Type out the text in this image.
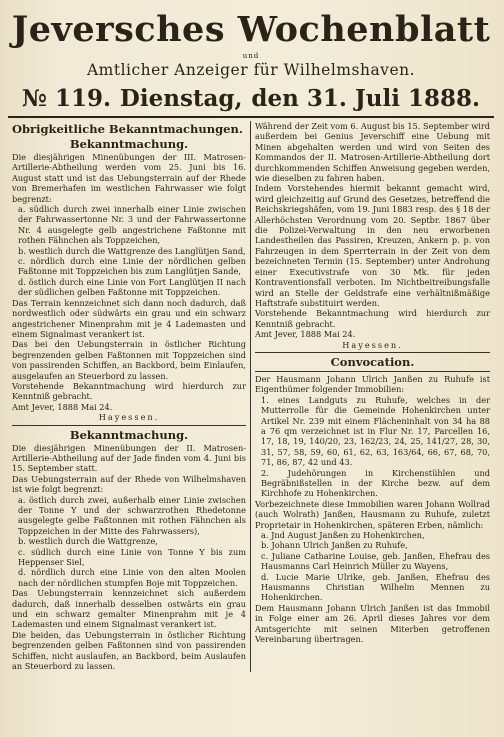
Jeversches Wochenblatt
und
Amtlicher Anzeiger für Wilhelmshaven.
№ 119. Dienstag, den 31. Juli 1888.
Obrigkeitliche Bekanntmachungen.
Bekanntmachung.

Die diesjährigen Minenübungen der III. Matrosen-Artillerie-Abtheilung werden vom 25. Juni bis 16. August statt und ist das Uebungsterrain auf der Rhede von Bremerhafen im westlichen Fahrwasser wie folgt begrenzt:

a. südlich durch zwei innerhalb einer Linie zwischen der Fahrwassertonne Nr. 3 und der Fahrwassertonne Nr. 4 ausgelegte gelb angestrichene Faßtonne mit rothen Fähnchen als Toppzeichen,

b. westlich durch die Wattgrenze des Langlütjen Sand,

c. nördlich durch eine Linie der nördlichen gelben Faßtonne mit Toppzeichen bis zum Langlütjen Sande,

d. östlich durch eine Linie von Fort Langlütjen II nach der südlichen gelben Faßtonne mit Toppzeichen.

Das Terrain kennzeichnet sich dann noch dadurch, daß nordwestlich oder südwärts ein grau und ein schwarz angestrichener Minenprahm mit je 4 Lademasten und einem Signalmast verankert ist.

Das bei den Uebungsterrain in östlicher Richtung begrenzenden gelben Faßtonnen mit Toppzeichen sind von passirenden Schiffen, an Backbord, beim Einlaufen, ausgelaufen an Steuerbord zu lassen.

Vorstehende Bekanntmachung wird hierdurch zur Kenntniß gebracht.

Amt Jever, 1888 Mai 24.

Hayessen.
Bekanntmachung.

Die diesjährigen Minenübungen der II. Matrosen-Artillerie-Abtheilung auf der Jade finden vom 4. Juni bis 15. September statt.

Das Uebungsterrain auf der Rhede von Wilhelmshaven ist wie folgt begrenzt:

a. östlich durch zwei, außerhalb einer Linie zwischen der Tonne Y und der schwarzrothen Rhedetonne ausgelegte gelbe Faßtonnen mit rothen Fähnchen als Toppzeichen in der Mitte des Fahrwassers),

b. westlich durch die Wattgrenze,

c. südlich durch eine Linie von Tonne Y bis zum Heppenser Siel,

d. nördlich durch eine Linie von den alten Moolen nach der nördlichen stumpfen Boje mit Toppzeichen.

Das Uebungsterrain kennzeichnet sich außerdem dadurch, daß innerhalb desselben ostwärts ein grau und ein schwarz gemalter Minenprahm mit je 4 Lademasten und einem Signalmast verankert ist.

Die beiden, das Uebungsterrain in östlicher Richtung begrenzenden gelben Faßtonnen sind von passirenden Schiffen, nicht auslaufen, an Backbord, beim Auslaufen an Steuerbord zu lassen.

Während der Zeit vom 6. August bis 15. September wird außerdem bei Genius Jeverschiff eine Uebung mit Minen abgehalten werden und wird von Seiten des Kommandos der II. Matrosen-Artillerie-Abtheilung dort durchkommenden Schiffen Anweisung gegeben werden, wie dieselben zu fahren haben.

Indem Vorstehendes hiermit bekannt gemacht wird, wird gleichzeitig auf Grund des Gesetzes, betreffend die Reichskriegshäfen, vom 19. Juni 1883 resp. des § 18 der Allerhöchsten Verordnung vom 20. Septbr. 1867 über die Polizei-Verwaltung in den neu erworbenen Landestheilen das Passiren, Kreuzen, Ankern p. p. von Fahrzeugen in dem Sperrterrain in der Zeit von dem bezeichneten Termin (15. September) unter Androhung einer Executivstrafe von 30 Mk. für jeden Kontraventionsfall verboten. Im Nichtbeitreibungsfalle wird an Stelle der Geldstrafe eine verhältnißmäßige Haftstrafe substituirt werden.

Vorstehende Bekanntmachung wird hierdurch zur Kenntniß gebracht.

Amt Jever, 1888 Mai 24.

Hayessen.
Convocation.

Der Hausmann Johann Ulrich Janßen zu Ruhufe ist Eigenthümer folgender Immobilien:

1. eines Landguts zu Ruhufe, welches in der Mutterrolle für die Gemeinde Hohenkirchen unter Artikel Nr. 239 mit einem Flächeninhalt von 34 ha 88 a 76 qm verzeichnet ist in Flur Nr. 17, Parcellen 16, 17, 18, 19, 140/20, 23, 162/23, 24, 25, 141/27, 28, 30, 31, 57, 58, 59, 60, 61, 62, 63, 163/64, 66, 67, 68, 70, 71, 86, 87, 42 und 43.

2. Judehörungen in Kirchenstühlen und Begräbnißstellen in der Kirche bezw. auf dem Kirchhofe zu Hohenkirchen.

Vorbezeichnete diese Immobilien waren Johann Wollrad (auch Wolrath) Janßen, Hausmann zu Ruhufe, zuletzt Proprietair in Hohenkirchen, späteren Erben, nämlich:

a. Jnd August Janßen zu Hohenkirchen,

b. Johann Ulrich Janßen zu Ruhufe,

c. Juliane Catharine Louise, geb. Janßen, Ehefrau des Hausmanns Carl Heinrich Müller zu Wayens,

d. Lucie Marie Ulrike, geb. Janßen, Ehefrau des Hausmanns Christian Wilhelm Mennen zu Hohenkirchen.

Dem Hausmann Johann Ulrich Janßen ist das Immobil in Folge einer am 26. April dieses Jahres vor dem Amtsgerichte mit seinen Miterben getroffenen Vereinbarung übertragen.
